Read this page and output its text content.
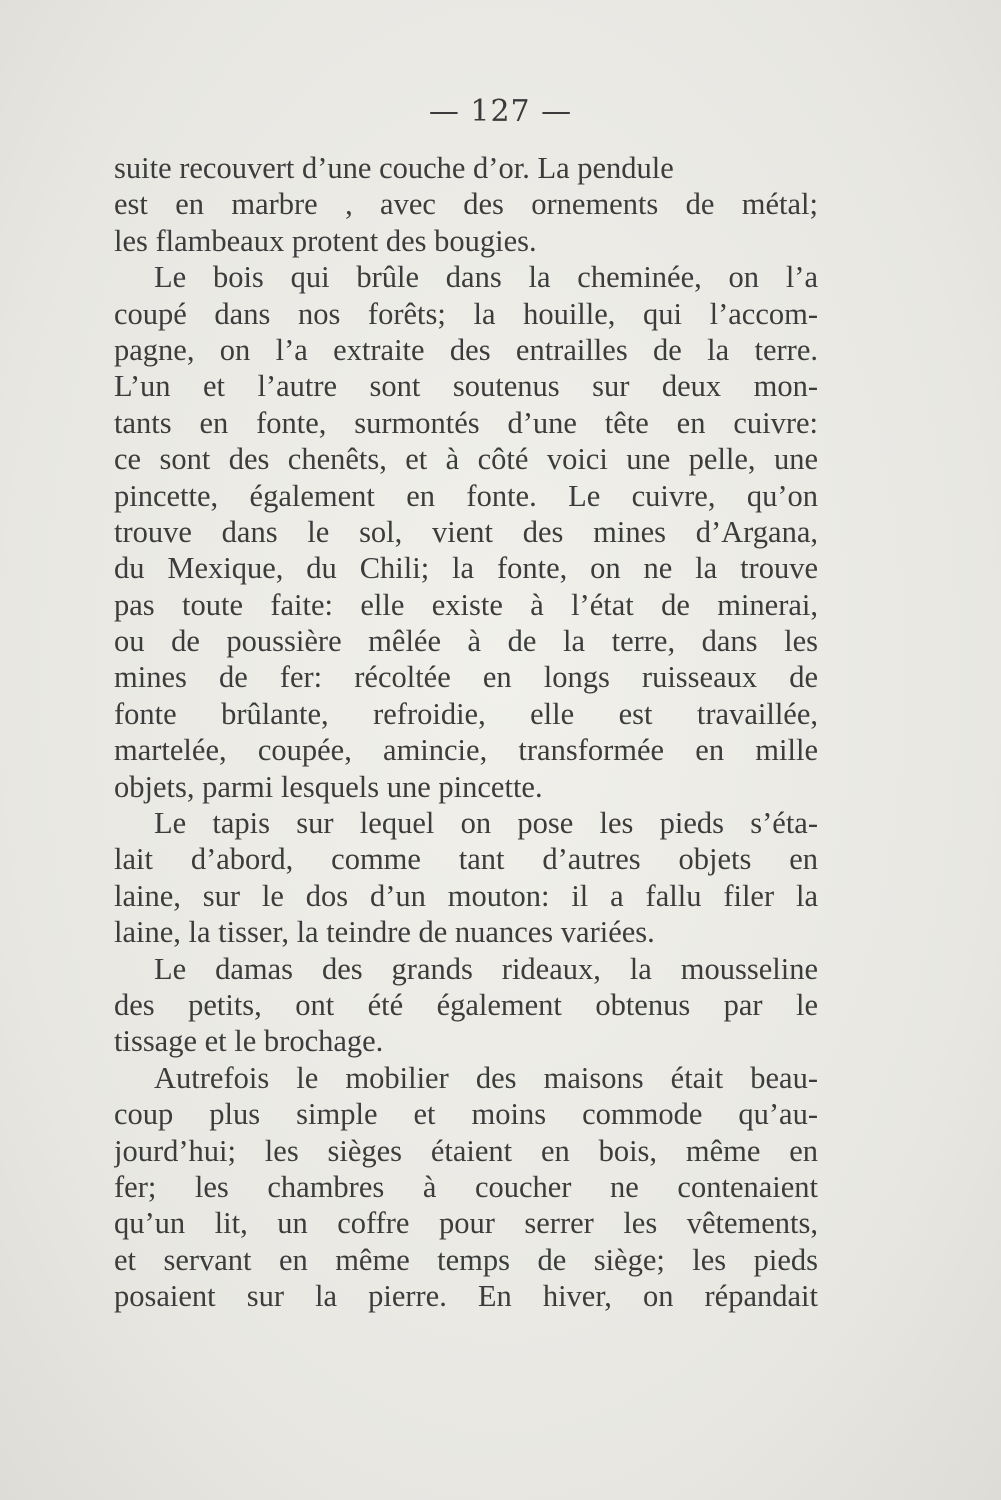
— 127 —
suite recouvert d’une couche d’or. La pendule
est en marbre , avec des ornements de métal;
les flambeaux protent des bougies.
Le bois qui brûle dans la cheminée, on l’a
coupé dans nos forêts; la houille, qui l’accom-
pagne, on l’a extraite des entrailles de la terre.
L’un et l’autre sont soutenus sur deux mon-
tants en fonte, surmontés d’une tête en cuivre:
ce sont des chenêts, et à côté voici une pelle, une
pincette, également en fonte. Le cuivre, qu’on
trouve dans le sol, vient des mines d’Argana,
du Mexique, du Chili; la fonte, on ne la trouve
pas toute faite: elle existe à l’état de minerai,
ou de poussière mêlée à de la terre, dans les
mines de fer: récoltée en longs ruisseaux de
fonte brûlante, refroidie, elle est travaillée,
martelée, coupée, amincie, transformée en mille
objets, parmi lesquels une pincette.
Le tapis sur lequel on pose les pieds s’éta-
lait d’abord, comme tant d’autres objets en
laine, sur le dos d’un mouton: il a fallu filer la
laine, la tisser, la teindre de nuances variées.
Le damas des grands rideaux, la mousseline
des petits, ont été également obtenus par le
tissage et le brochage.
Autrefois le mobilier des maisons était beau-
coup plus simple et moins commode qu’au-
jourd’hui; les sièges étaient en bois, même en
fer; les chambres à coucher ne contenaient
qu’un lit, un coffre pour serrer les vêtements,
et servant en même temps de siège; les pieds
posaient sur la pierre. En hiver, on répandait
